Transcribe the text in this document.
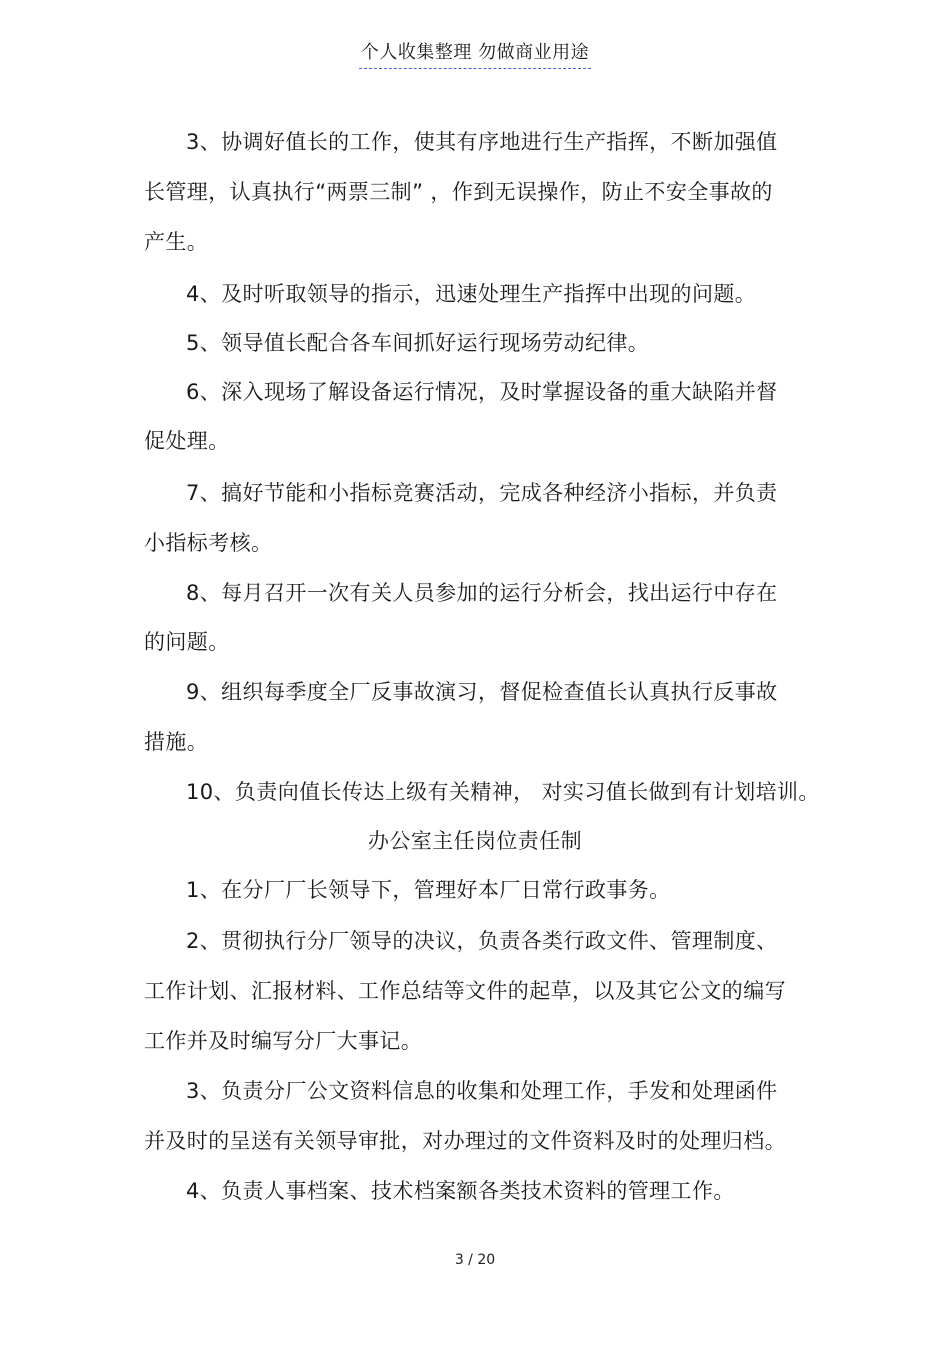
个人收集整理 勿做商业用途
3、协调好值长的工作，使其有序地进行生产指挥，不断加强值
长管理，认真执行“两票三制” ，作到无误操作，防止不安全事故的
产生。
4、及时听取领导的指示，迅速处理生产指挥中出现的问题。
5、领导值长配合各车间抓好运行现场劳动纪律。
6、深入现场了解设备运行情况，及时掌握设备的重大缺陷并督
促处理。
7、搞好节能和小指标竞赛活动，完成各种经济小指标，并负责
小指标考核。
8、每月召开一次有关人员参加的运行分析会，找出运行中存在
的问题。
9、组织每季度全厂反事故演习，督促检查值长认真执行反事故
措施。
10、负责向值长传达上级有关精神， 对实习值长做到有计划培训。
办公室主任岗位责任制
1、在分厂厂长领导下，管理好本厂日常行政事务。
2、贯彻执行分厂领导的决议，负责各类行政文件、管理制度、
工作计划、汇报材料、工作总结等文件的起草，以及其它公文的编写
工作并及时编写分厂大事记。
3、负责分厂公文资料信息的收集和处理工作，手发和处理函件
并及时的呈送有关领导审批，对办理过的文件资料及时的处理归档。
4、负责人事档案、技术档案额各类技术资料的管理工作。
3 / 20
